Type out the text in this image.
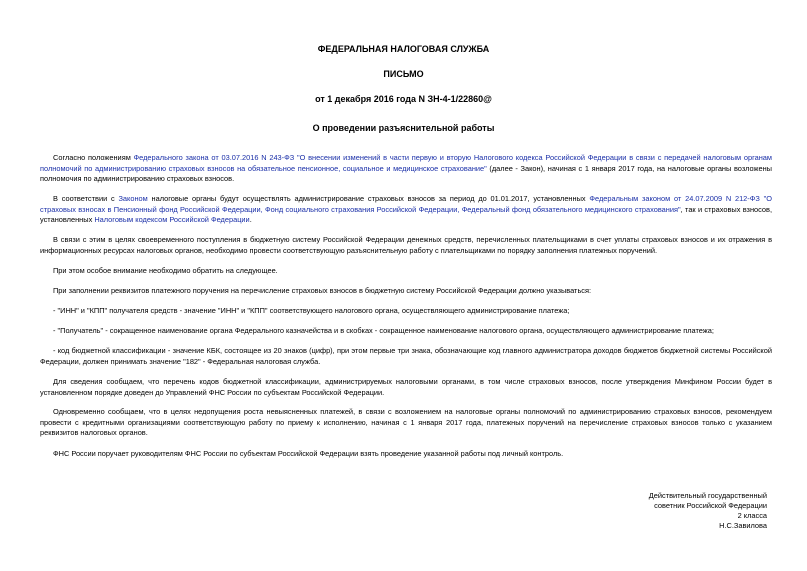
ФЕДЕРАЛЬНАЯ НАЛОГОВАЯ СЛУЖБА
ПИСЬМО
от 1 декабря 2016 года N ЗН-4-1/22860@
О проведении разъяснительной работы

Согласно положениям Федерального закона от 03.07.2016 N 243-ФЗ "О внесении изменений в части первую и вторую Налогового кодекса Российской Федерации в связи с передачей налоговым органам полномочий по администрированию страховых взносов на обязательное пенсионное, социальное и медицинское страхование" (далее - Закон), начиная с 1 января 2017 года, на налоговые органы возложены полномочия по администрированию страховых взносов.

В соответствии с Законом налоговые органы будут осуществлять администрирование страховых взносов за период до 01.01.2017, установленных Федеральным законом от 24.07.2009 N 212-ФЗ "О страховых взносах в Пенсионный фонд Российской Федерации, Фонд социального страхования Российской Федерации, Федеральный фонд обязательного медицинского страхования", так и страховых взносов, установленных Налоговым кодексом Российской Федерации.

В связи с этим в целях своевременного поступления в бюджетную систему Российской Федерации денежных средств, перечисленных плательщиками в счет уплаты страховых взносов и их отражения в информационных ресурсах налоговых органов, необходимо провести соответствующую разъяснительную работу с плательщиками по порядку заполнения платежных поручений.

При этом особое внимание необходимо обратить на следующее.

При заполнении реквизитов платежного поручения на перечисление страховых взносов в бюджетную систему Российской Федерации должно указываться:

- "ИНН" и "КПП" получателя средств - значение "ИНН" и "КПП" соответствующего налогового органа, осуществляющего администрирование платежа;

- "Получатель" - сокращенное наименование органа Федерального казначейства и в скобках - сокращенное наименование налогового органа, осуществляющего администрирование платежа;

- код бюджетной классификации - значение КБК, состоящее из 20 знаков (цифр), при этом первые три знака, обозначающие код главного администратора доходов бюджетов бюджетной системы Российской Федерации, должен принимать значение "182" - Федеральная налоговая служба.

Для сведения сообщаем, что перечень кодов бюджетной классификации, администрируемых налоговыми органами, в том числе страховых взносов, после утверждения Минфином России будет в установленном порядке доведен до Управлений ФНС России по субъектам Российской Федерации.

Одновременно сообщаем, что в целях недопущения роста невыясненных платежей, в связи с возложением на налоговые органы полномочий по администрированию страховых взносов, рекомендуем провести с кредитными организациями соответствующую работу по приему к исполнению, начиная с 1 января 2017 года, платежных поручений на перечисление страховых взносов только с указанием реквизитов налоговых органов.

ФНС России поручает руководителям ФНС России по субъектам Российской Федерации взять проведение указанной работы под личный контроль.

Действительный государственный
советник Российской Федерации
2 класса
Н.С.Завилова
